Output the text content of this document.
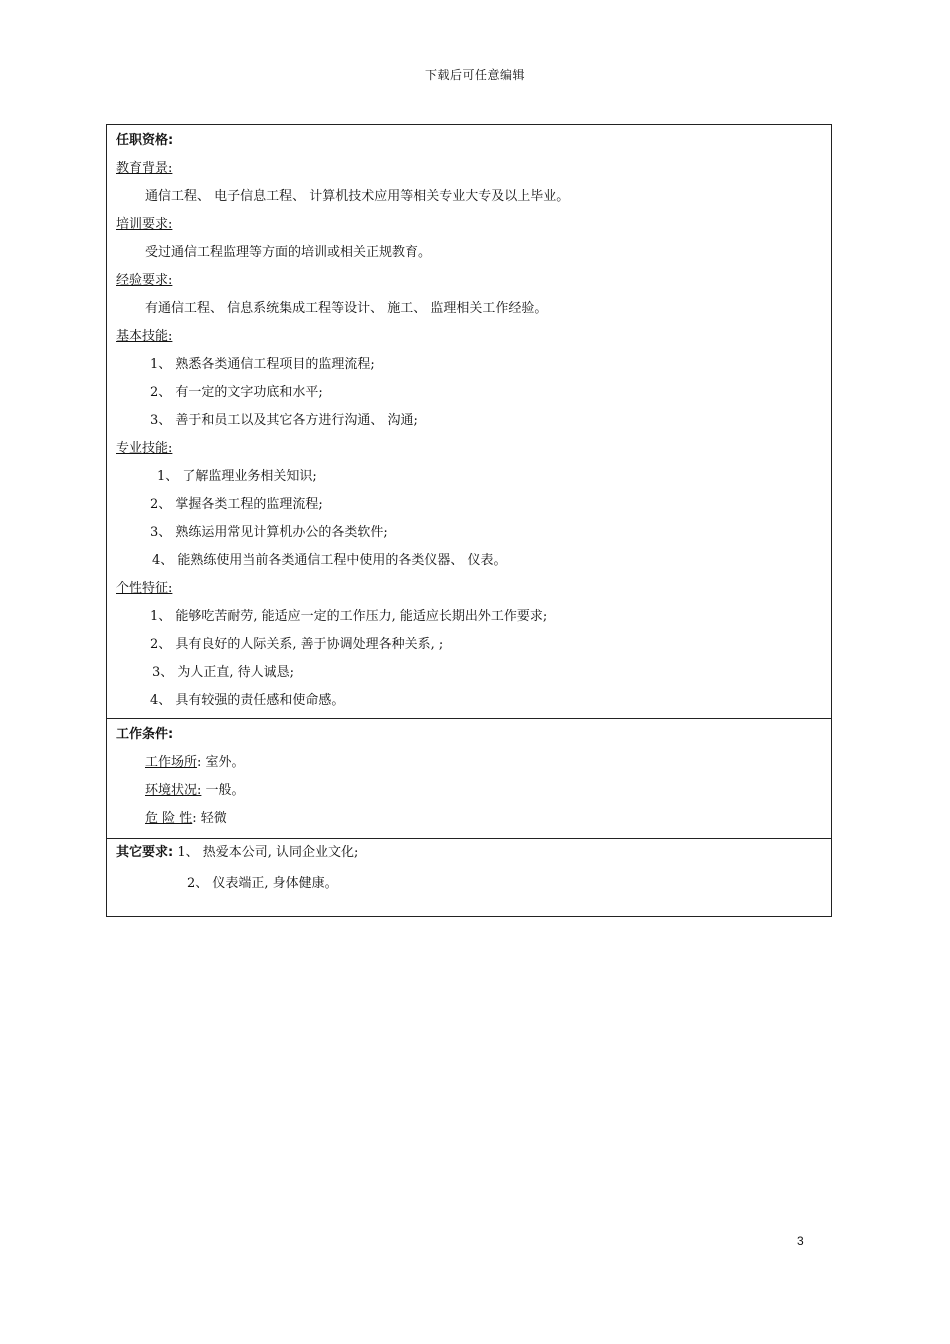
下载后可任意编辑
任职资格:
教育背景:
通信工程、 电子信息工程、 计算机技术应用等相关专业大专及以上毕业。
培训要求:
受过通信工程监理等方面的培训或相关正规教育。
经验要求:
有通信工程、 信息系统集成工程等设计、 施工、 监理相关工作经验。
基本技能:
1、 熟悉各类通信工程项目的监理流程;
2、 有一定的文字功底和水平;
3、 善于和员工以及其它各方进行沟通、 沟通;
专业技能:
1、 了解监理业务相关知识;
2、 掌握各类工程的监理流程;
3、 熟练运用常见计算机办公的各类软件;
4、 能熟练使用当前各类通信工程中使用的各类仪器、 仪表。
个性特征:
1、 能够吃苦耐劳, 能适应一定的工作压力, 能适应长期出外工作要求;
2、 具有良好的人际关系, 善于协调处理各种关系, ;
3、 为人正直, 待人诚恳;
4、 具有较强的责任感和使命感。
工作条件:
工作场所: 室外。
环境状况: 一般。
危 险 性: 轻微
其它要求: 1、 热爱本公司, 认同企业文化;
2、 仪表端正, 身体健康。
3
